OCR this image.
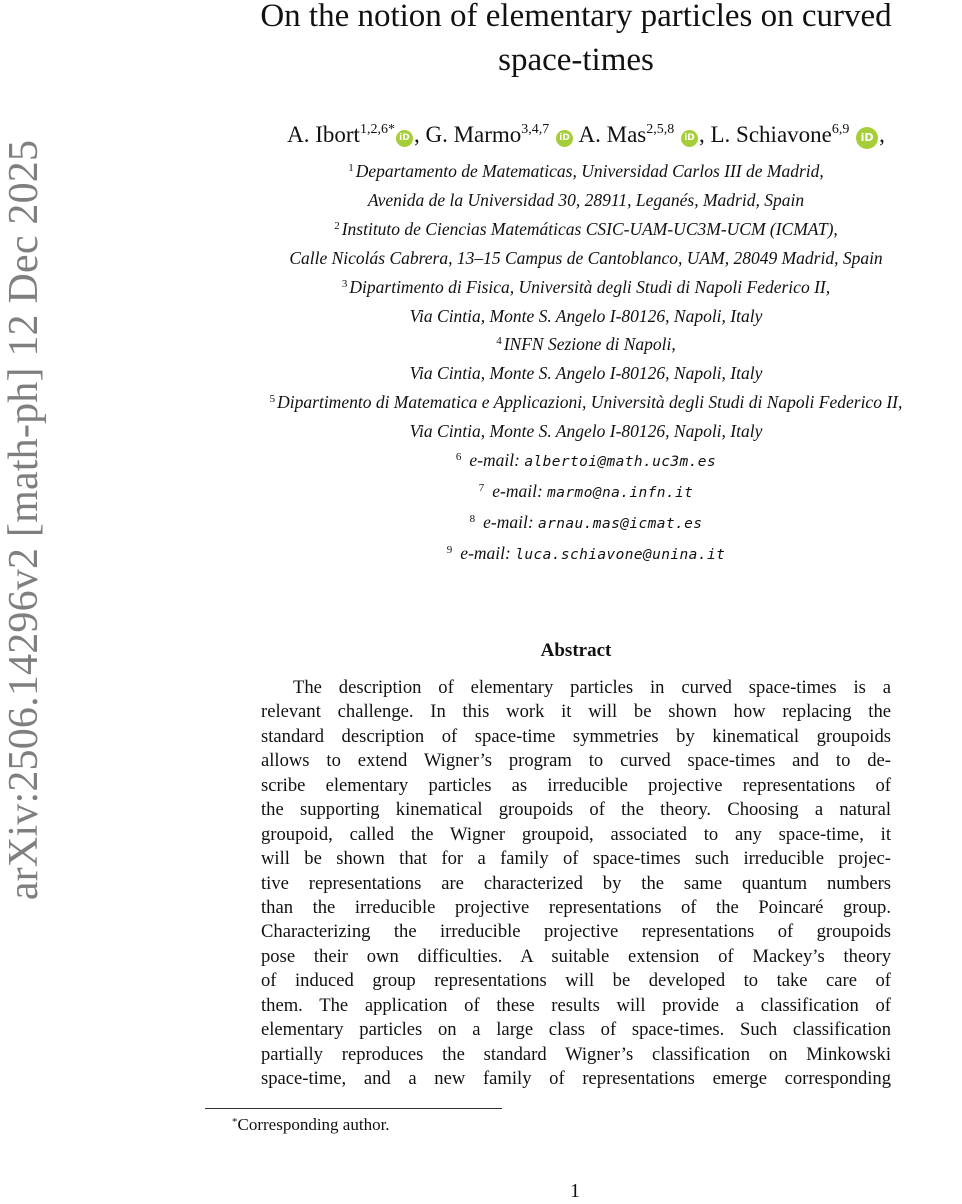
arXiv:2506.14296v2 [math-ph] 12 Dec 2025
On the notion of elementary particles on curved
space-times
A. Ibort$^{1,2,6*}$iD , G. Marmo$^{3,4,7}$ iD A. Mas$^{2,5,8}$ iD , L. Schiavone$^{6,9}$ iD ,
$^1$ Departamento de Matematicas, Universidad Carlos III de Madrid,
Avenida de la Universidad 30, 28911, Leganés, Madrid, Spain
$^2$ Instituto de Ciencias Matemáticas CSIC-UAM-UC3M-UCM (ICMAT),
Calle Nicolás Cabrera, 13–15 Campus de Cantoblanco, UAM, 28049 Madrid, Spain
$^3$ Dipartimento di Fisica, Università degli Studi di Napoli Federico II,
Via Cintia, Monte S. Angelo I-80126, Napoli, Italy
$^4$ INFN Sezione di Napoli,
Via Cintia, Monte S. Angelo I-80126, Napoli, Italy
$^5$ Dipartimento di Matematica e Applicazioni, Università degli Studi di Napoli Federico II,
Via Cintia, Monte S. Angelo I-80126, Napoli, Italy
$^6$ e-mail: albertoi@math.uc3m.es
$^7$ e-mail: marmo@na.infn.it
$^8$ e-mail: arnau.mas@icmat.es
$^9$ e-mail: luca.schiavone@unina.it
Abstract
The description of elementary particles in curved space-times is a
relevant challenge. In this work it will be shown how replacing the
standard description of space-time symmetries by kinematical groupoids
allows to extend Wigner’s program to curved space-times and to de-
scribe elementary particles as irreducible projective representations of
the supporting kinematical groupoids of the theory. Choosing a natural
groupoid, called the Wigner groupoid, associated to any space-time, it
will be shown that for a family of space-times such irreducible projec-
tive representations are characterized by the same quantum numbers
than the irreducible projective representations of the Poincaré group.
Characterizing the irreducible projective representations of groupoids
pose their own difficulties. A suitable extension of Mackey’s theory
of induced group representations will be developed to take care of
them. The application of these results will provide a classification of
elementary particles on a large class of space-times. Such classification
partially reproduces the standard Wigner’s classification on Minkowski
space-time, and a new family of representations emerge corresponding
*Corresponding author.
1
